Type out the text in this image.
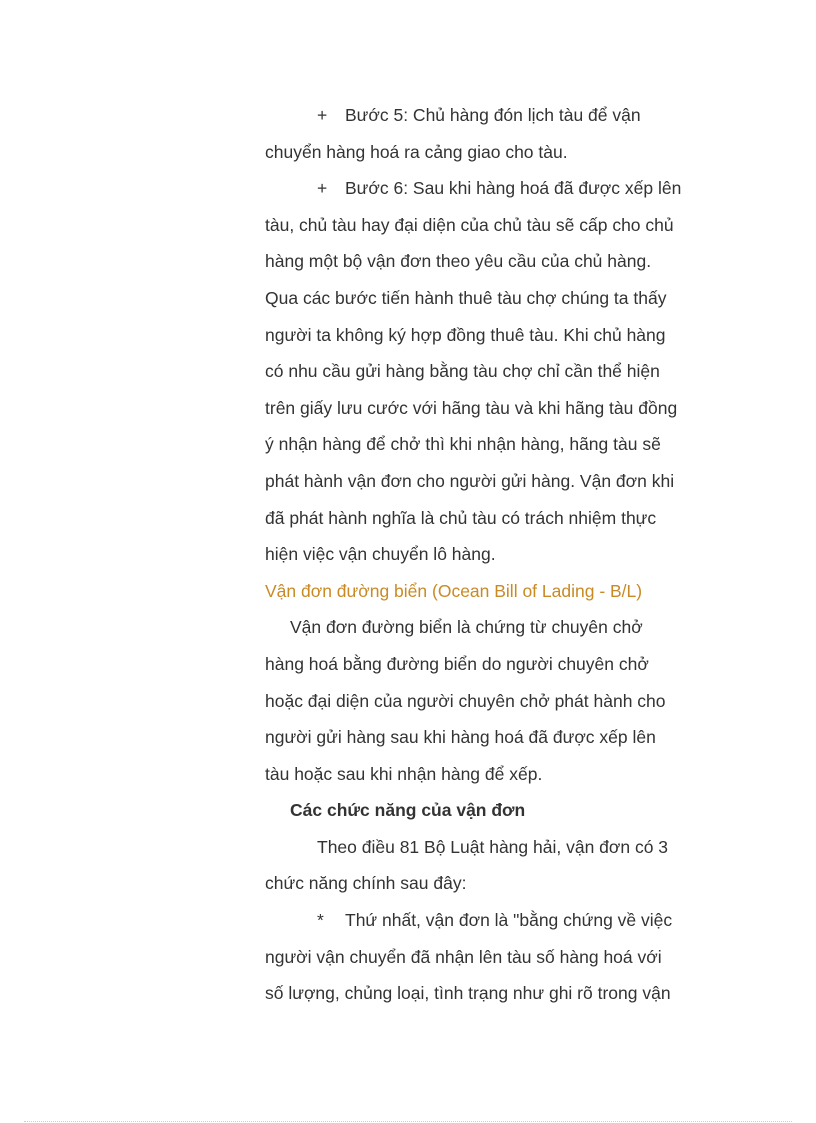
+ Bước 5: Chủ hàng đón lịch tàu để vận

chuyển hàng hoá ra cảng giao cho tàu.

+ Bước 6: Sau khi hàng hoá đã được xếp lên

tàu, chủ tàu hay đại diện của chủ tàu sẽ cấp cho chủ

hàng một bộ vận đơn theo yêu cầu của chủ hàng.

Qua các bước tiến hành thuê tàu chợ chúng ta thấy

người ta không ký hợp đồng thuê tàu. Khi chủ hàng

có nhu cầu gửi hàng bằng tàu chợ chỉ cần thể hiện

trên giấy lưu cước với hãng tàu và khi hãng tàu đồng

ý nhận hàng để chở thì khi nhận hàng, hãng tàu sẽ

phát hành vận đơn cho người gửi hàng. Vận đơn khi

đã phát hành nghĩa là chủ tàu có trách nhiệm thực

hiện việc vận chuyển lô hàng.

Vận đơn đường biển (Ocean Bill of Lading - B/L)

Vận đơn đường biển là chứng từ chuyên chở

hàng hoá bằng đường biển do người chuyên chở

hoặc đại diện của người chuyên chở phát hành cho

người gửi hàng sau khi hàng hoá đã được xếp lên

tàu hoặc sau khi nhận hàng để xếp.

Các chức năng của vận đơn

Theo điều 81 Bộ Luật hàng hải, vận đơn có 3

chức năng chính sau đây:

* Thứ nhất, vận đơn là "bằng chứng về việc

người vận chuyển đã nhận lên tàu số hàng hoá với

số lượng, chủng loại, tình trạng như ghi rõ trong vận
